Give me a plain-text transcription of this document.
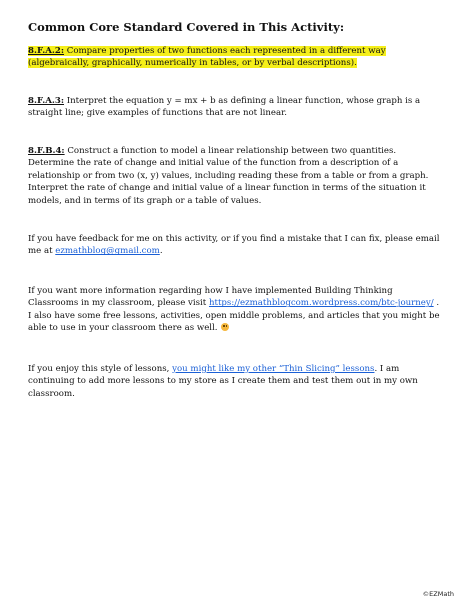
Common Core Standard Covered in This Activity:

8.F.A.2: Compare properties of two functions each represented in a different way (algebraically, graphically, numerically in tables, or by verbal descriptions).

8.F.A.3: Interpret the equation y = mx + b as defining a linear function, whose graph is a straight line; give examples of functions that are not linear.

8.F.B.4: Construct a function to model a linear relationship between two quantities. Determine the rate of change and initial value of the function from a description of a relationship or from two (x, y) values, including reading these from a table or from a graph. Interpret the rate of change and initial value of a linear function in terms of the situation it models, and in terms of its graph or a table of values.

If you have feedback for me on this activity, or if you find a mistake that I can fix, please email me at ezmathblog@gmail.com.

If you want more information regarding how I have implemented Building Thinking Classrooms in my classroom, please visit https://ezmathblogcom.wordpress.com/btc-journey/ . I also have some free lessons, activities, open middle problems, and articles that you might be able to use in your classroom there as well.

If you enjoy this style of lessons, you might like my other “Thin Slicing” lessons. I am continuing to add more lessons to my store as I create them and test them out in my own classroom.

©EZMath
